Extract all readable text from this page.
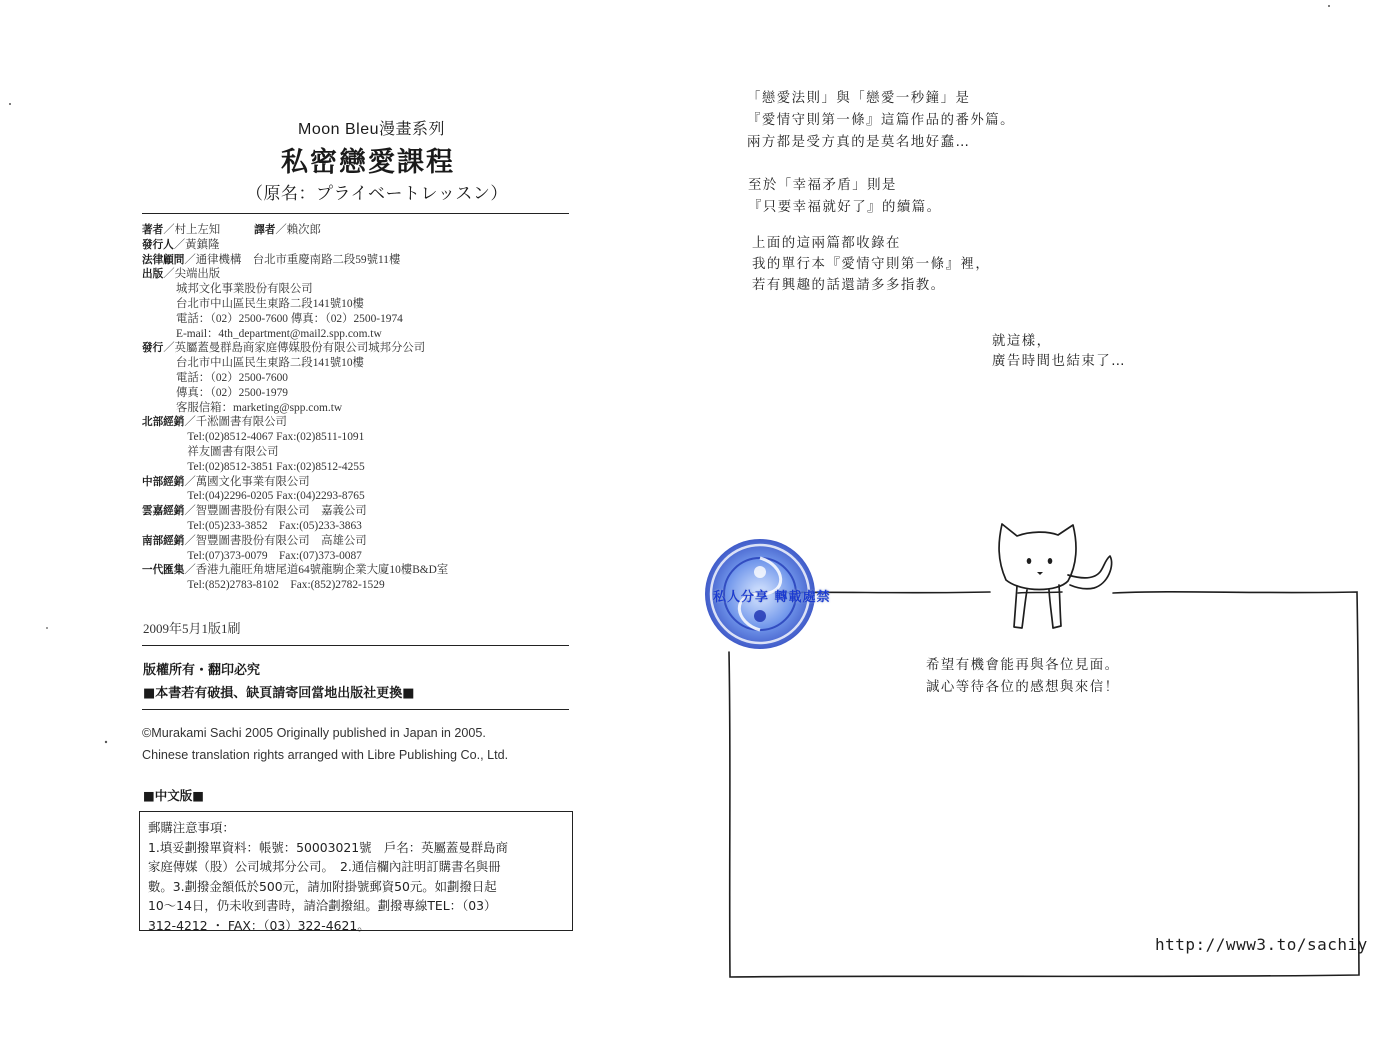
Moon Bleu漫畫系列
私密戀愛課程
（原名：プライベートレッスン）
著者／村上左知	譯者／賴次郎
發行人／黃鎮隆
法律顧問／通律機構　台北市重慶南路二段59號11樓
出版／尖端出版
城邦文化事業股份有限公司
台北市中山區民生東路二段141號10樓
電話：（02）2500-7600 傳真：（02）2500-1974
E-mail：4th_department@mail2.spp.com.tw
發行／英屬蓋曼群島商家庭傳媒股份有限公司城邦分公司
台北市中山區民生東路二段141號10樓
電話：（02）2500-7600
傳真：（02）2500-1979
客服信箱：marketing@spp.com.tw
北部經銷／千淞圖書有限公司
　Tel:(02)8512-4067 Fax:(02)8511-1091
　祥友圖書有限公司
　Tel:(02)8512-3851 Fax:(02)8512-4255
中部經銷／萬國文化事業有限公司
　Tel:(04)2296-0205 Fax:(04)2293-8765
雲嘉經銷／智豐圖書股份有限公司　嘉義公司
　Tel:(05)233-3852　Fax:(05)233-3863
南部經銷／智豐圖書股份有限公司　高雄公司
　Tel:(07)373-0079　Fax:(07)373-0087
一代匯集／香港九龍旺角塘尾道64號龍駒企業大廈10樓B&D室
　Tel:(852)2783-8102　Fax:(852)2782-1529
2009年5月1版1刷
版權所有・翻印必究
■本書若有破損、缺頁請寄回當地出版社更換■
©Murakami Sachi 2005 Originally published in Japan in 2005.
Chinese translation rights arranged with Libre Publishing Co., Ltd.
■中文版■
郵購注意事項：
1.填妥劃撥單資料：帳號：50003021號　戶名：英屬蓋曼群島商
家庭傳媒（股）公司城邦分公司。　2.通信欄內註明訂購書名與冊
數。3.劃撥金額低於500元，請加附掛號郵資50元。如劃撥日起
10～14日，仍未收到書時，請洽劃撥組。劃撥專線TEL：（03）
312-4212 ・ FAX：（03）322-4621。
私人分享 轉載處禁
「戀愛法則」與「戀愛一秒鐘」是
『愛情守則第一條』這篇作品的番外篇。
兩方都是受方真的是莫名地好蠢…
至於「幸福矛盾」則是
『只要幸福就好了』的續篇。
上面的這兩篇都收錄在
我的單行本『愛情守則第一條』裡，
若有興趣的話還請多多指教。
就這樣，
廣告時間也結束了…
希望有機會能再與各位見面。
誠心等待各位的感想與來信！
http://www3.to/sachiy
